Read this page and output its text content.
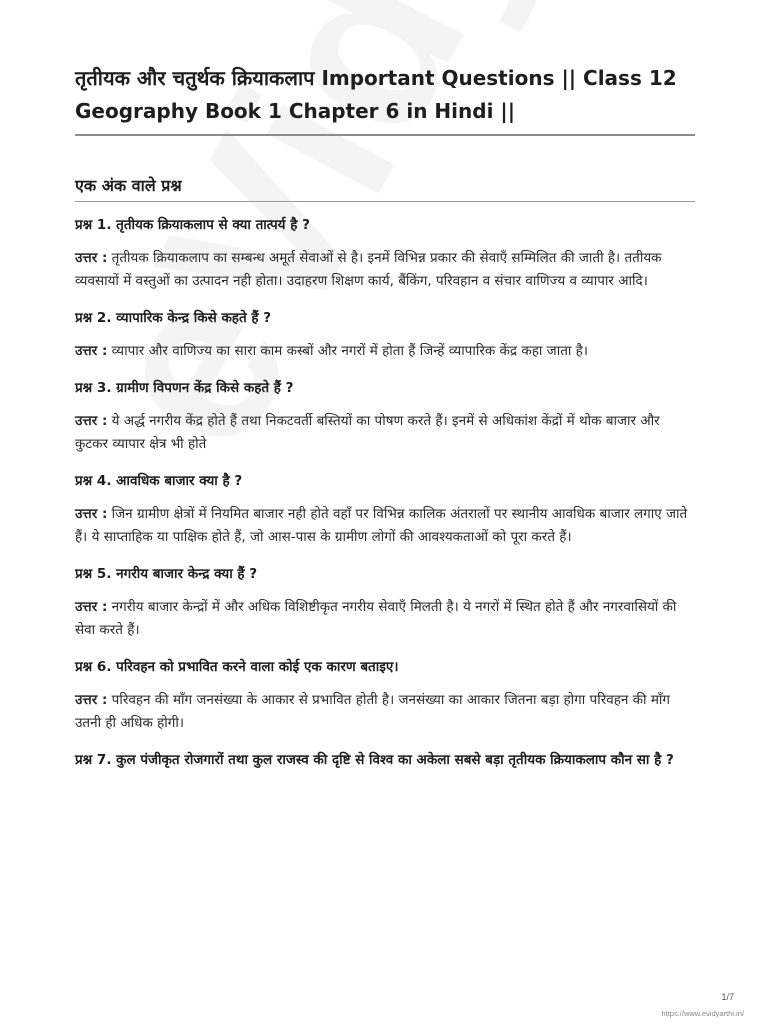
तृतीयक और चतुर्थक क्रियाकलाप Important Questions || Class 12 Geography Book 1 Chapter 6 in Hindi ||
एक अंक वाले प्रश्न

प्रश्न 1. तृतीयक क्रियाकलाप से क्या तात्पर्य है ?

उत्तर : तृतीयक क्रियाकलाप का सम्बन्ध अमूर्त सेवाओं से है। इनमें विभिन्न प्रकार की सेवाएँ सम्मिलित की जाती है। ततीयक व्यवसायों में वस्तुओं का उत्पादन नही होता। उदाहरण शिक्षण कार्य, बैंकिंग, परिवहान व संचार वाणिज्य व व्यापार आदि।

प्रश्न 2. व्यापारिक केन्द्र किसे कहते हैं ?

उत्तर : व्यापार और वाणिज्य का सारा काम कस्बों और नगरों में होता हैं जिन्हें व्यापारिक केंद्र कहा जाता है।

प्रश्न 3. ग्रामीण विपणन केंद्र किसे कहते हैं ?

उत्तर : ये अर्द्ध नगरीय केंद्र होते हैं तथा निकटवर्ती बस्तियों का पोषण करते हैं। इनमें से अधिकांश केंद्रों में थोक बाजार और कुटकर व्यापार क्षेत्र भी होते

प्रश्न 4. आवधिक बाजार क्या है ?

उत्तर : जिन ग्रामीण क्षेत्रों में नियमित बाजार नही होते वहाँ पर विभिन्न कालिक अंतरालों पर स्थानीय आवधिक बाजार लगाए जाते हैं। ये साप्ताहिक या पाक्षिक होते हैं, जो आस-पास के ग्रामीण लोगों की आवश्यकताओं को पूरा करते हैं।

प्रश्न 5. नगरीय बाजार केन्द्र क्या हैं ?

उत्तर : नगरीय बाजार केन्द्रों में और अधिक विशिष्टीकृत नगरीय सेवाएँ मिलती है। ये नगरों में स्थित होते हैं और नगरवासियों की सेवा करते हैं।

प्रश्न 6. परिवहन को प्रभावित करने वाला कोई एक कारण बताइए।

उत्तर : परिवहन की माँग जनसंख्या के आकार से प्रभावित होती है। जनसंख्या का आकार जितना बड़ा होगा परिवहन की माँग उतनी ही अधिक होगी।

प्रश्न 7. कुल पंजीकृत रोजगारों तथा कुल राजस्व की दृष्टि से विश्व का अकेला सबसे बड़ा तृतीयक क्रियाकलाप कौन सा है ?

1/7
https://www.evidyarthi.in/
